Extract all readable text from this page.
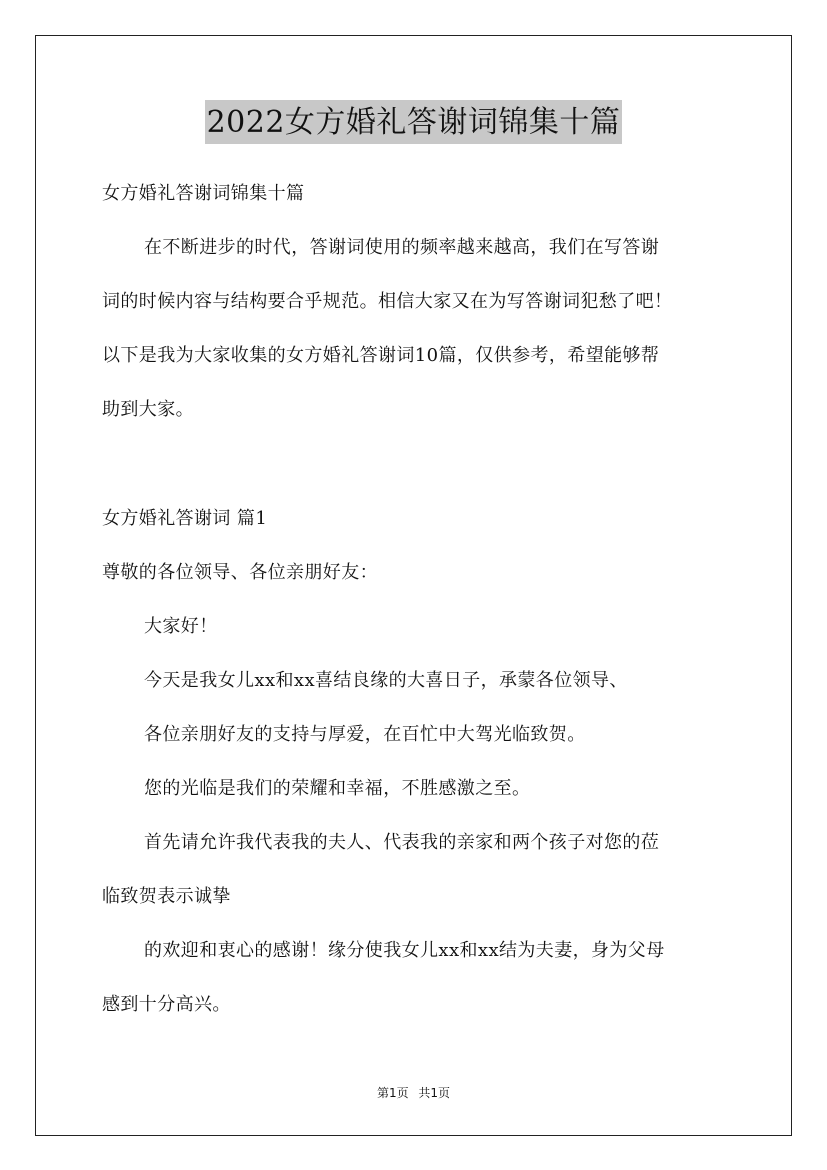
2022女方婚礼答谢词锦集十篇
女方婚礼答谢词锦集十篇
在不断进步的时代，答谢词使用的频率越来越高，我们在写答谢
词的时候内容与结构要合乎规范。相信大家又在为写答谢词犯愁了吧！
以下是我为大家收集的女方婚礼答谢词10篇，仅供参考，希望能够帮
助到大家。
女方婚礼答谢词 篇1
尊敬的各位领导、各位亲朋好友：
大家好！
今天是我女儿xx和xx喜结良缘的大喜日子，承蒙各位领导、
各位亲朋好友的支持与厚爱，在百忙中大驾光临致贺。
您的光临是我们的荣耀和幸福，不胜感激之至。
首先请允许我代表我的夫人、代表我的亲家和两个孩子对您的莅
临致贺表示诚挚
的欢迎和衷心的感谢！缘分使我女儿xx和xx结为夫妻，身为父母
感到十分高兴。
第1页 共1页
